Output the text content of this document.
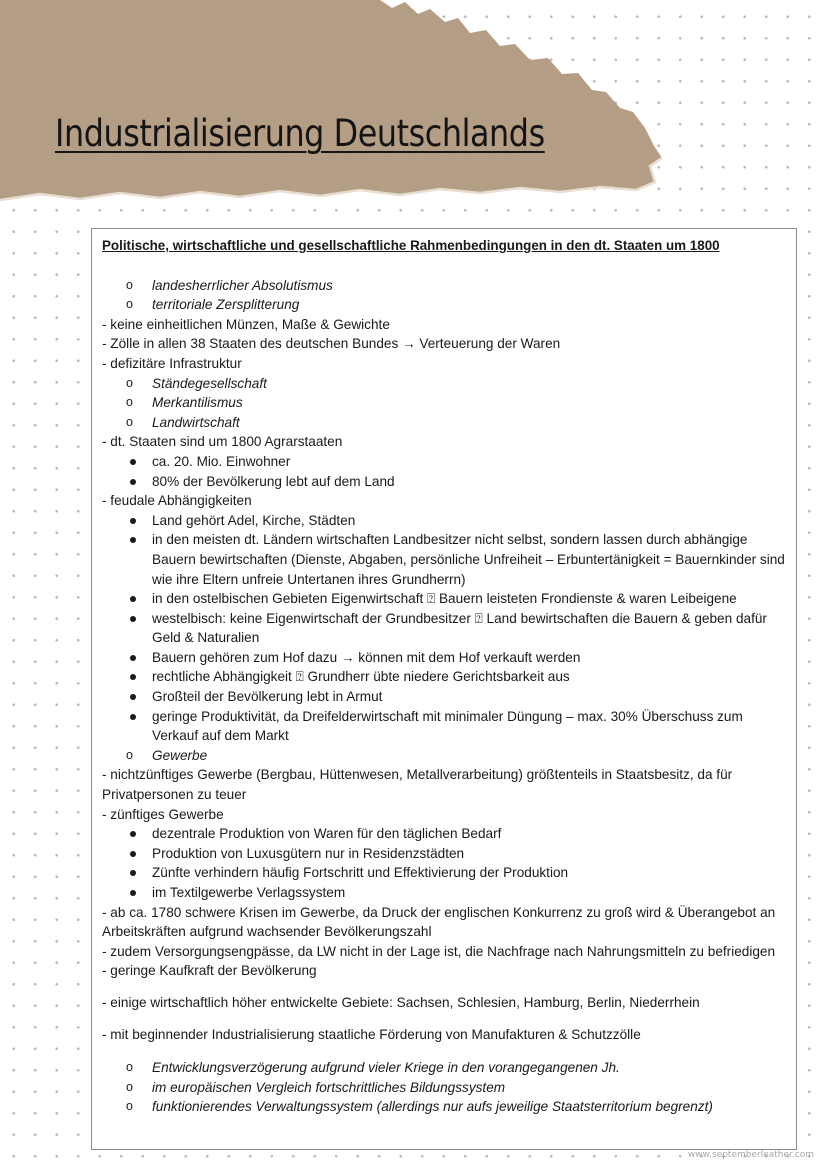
Industrialisierung Deutschlands
Politische, wirtschaftliche und gesellschaftliche Rahmenbedingungen in den dt. Staaten um 1800
o landesherrlicher Absolutismus
o territoriale Zersplitterung
- keine einheitlichen Münzen, Maße & Gewichte
- Zölle in allen 38 Staaten des deutschen Bundes → Verteuerung der Waren
- defizitäre Infrastruktur
o Ständegesellschaft
o Merkantilismus
o Landwirtschaft
- dt. Staaten sind um 1800 Agrarstaaten
ca. 20. Mio. Einwohner
80% der Bevölkerung lebt auf dem Land
- feudale Abhängigkeiten
Land gehört Adel, Kirche, Städten
in den meisten dt. Ländern wirtschaften Landbesitzer nicht selbst, sondern lassen durch abhängige Bauern bewirtschaften (Dienste, Abgaben, persönliche Unfreiheit – Erbuntertänigkeit = Bauernkinder sind wie ihre Eltern unfreie Untertanen ihres Grundherrn)
in den ostelbischen Gebieten Eigenwirtschaft ⍰ Bauern leisteten Frondienste & waren Leibeigene
westelbisch: keine Eigenwirtschaft der Grundbesitzer ⍰ Land bewirtschaften die Bauern & geben dafür Geld & Naturalien
Bauern gehören zum Hof dazu → können mit dem Hof verkauft werden
rechtliche Abhängigkeit ⍰ Grundherr übte niedere Gerichtsbarkeit aus
Großteil der Bevölkerung lebt in Armut
geringe Produktivität, da Dreifelderwirtschaft mit minimaler Düngung – max. 30% Überschuss zum Verkauf auf dem Markt
o Gewerbe
- nichtzünftiges Gewerbe (Bergbau, Hüttenwesen, Metallverarbeitung) größtenteils in Staatsbesitz, da für Privatpersonen zu teuer
- zünftiges Gewerbe
dezentrale Produktion von Waren für den täglichen Bedarf
Produktion von Luxusgütern nur in Residenzstädten
Zünfte verhindern häufig Fortschritt und Effektivierung der Produktion
im Textilgewerbe Verlagssystem
- ab ca. 1780 schwere Krisen im Gewerbe, da Druck der englischen Konkurrenz zu groß wird & Überangebot an Arbeitskräften aufgrund wachsender Bevölkerungszahl
- zudem Versorgungsengpässe, da LW nicht in der Lage ist, die Nachfrage nach Nahrungsmitteln zu befriedigen
- geringe Kaufkraft der Bevölkerung
- einige wirtschaftlich höher entwickelte Gebiete: Sachsen, Schlesien, Hamburg, Berlin, Niederrhein
- mit beginnender Industrialisierung staatliche Förderung von Manufakturen & Schutzzölle
o Entwicklungsverzögerung aufgrund vieler Kriege in den vorangegangenen Jh.
o im europäischen Vergleich fortschrittliches Bildungssystem
o funktionierendes Verwaltungssystem (allerdings nur aufs jeweilige Staatsterritorium begrenzt)
www.septemberleather.com
